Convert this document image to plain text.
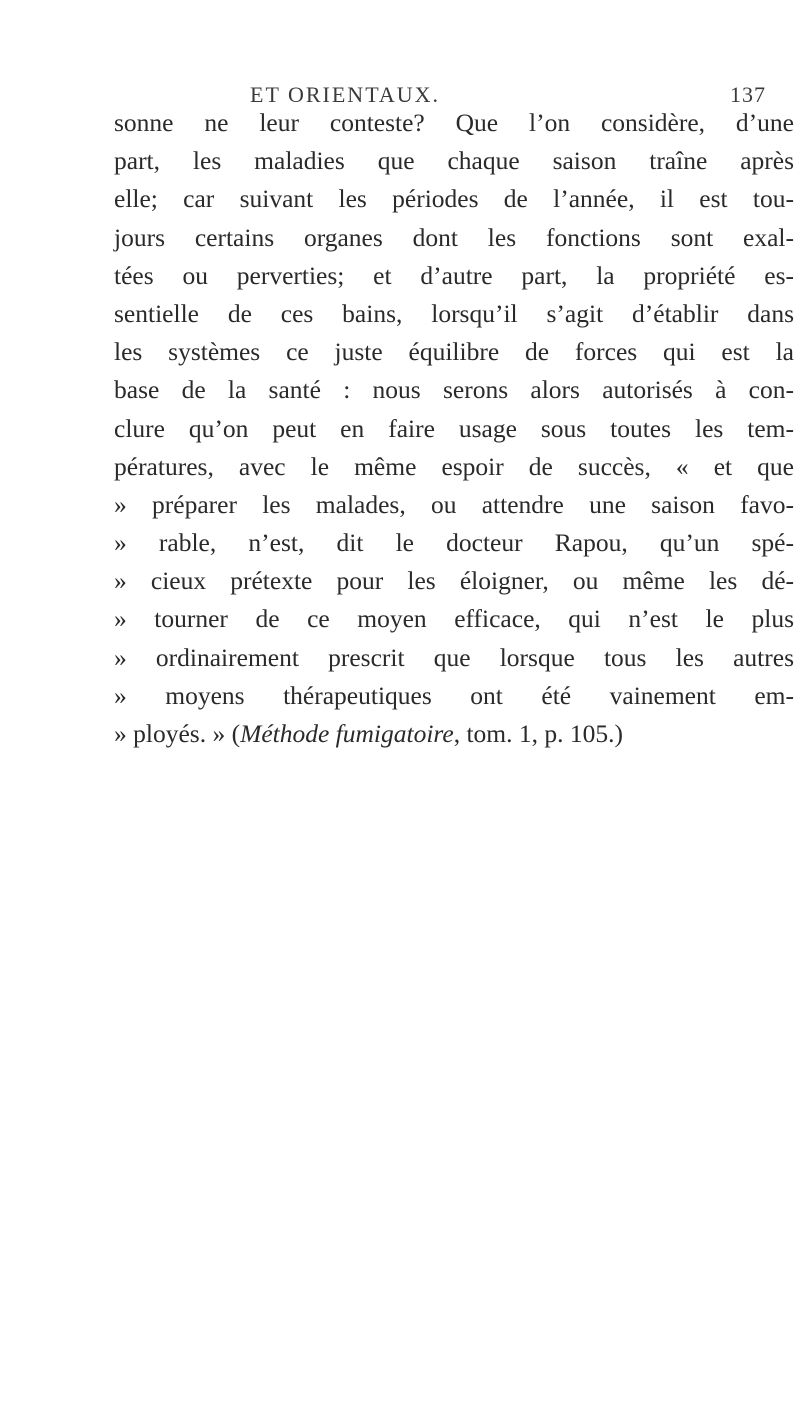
ET ORIENTAUX.	137
sonne ne leur conteste? Que l’on considère, d’une
part, les maladies que chaque saison traîne après
elle; car suivant les périodes de l’année, il est tou-
jours certains organes dont les fonctions sont exal-
tées ou perverties; et d’autre part, la propriété es-
sentielle de ces bains, lorsqu’il s’agit d’établir dans
les systèmes ce juste équilibre de forces qui est la
base de la santé : nous serons alors autorisés à con-
clure qu’on peut en faire usage sous toutes les tem-
pératures, avec le même espoir de succès, « et que
» préparer les malades, ou attendre une saison favo-
» rable, n’est, dit le docteur Rapou, qu’un spé-
» cieux prétexte pour les éloigner, ou même les dé-
» tourner de ce moyen efficace, qui n’est le plus
» ordinairement prescrit que lorsque tous les autres
» moyens thérapeutiques ont été vainement em-
» ployés. » (Méthode fumigatoire, tom. 1, p. 105.)
